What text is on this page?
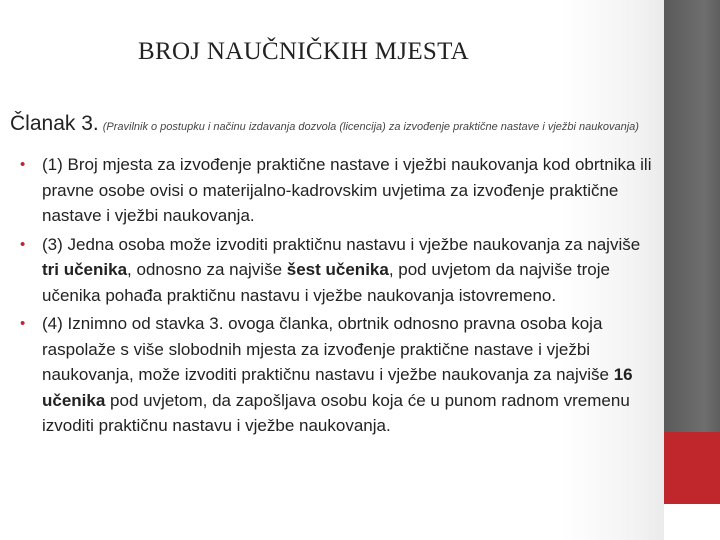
BROJ NAUČNIČKIH MJESTA
Članak 3. (Pravilnik o postupku i načinu izdavanja dozvola (licencija) za izvođenje praktične nastave i vježbi naukovanja)
• (1) Broj mjesta za izvođenje praktične nastave i vježbi naukovanja kod obrtnika ili pravne osobe ovisi o materijalno-kadrovskim uvjetima za izvođenje praktične nastave i vježbi naukovanja.
• (3) Jedna osoba može izvoditi praktičnu nastavu i vježbe naukovanja za najviše tri učenika, odnosno za najviše šest učenika, pod uvjetom da najviše troje učenika pohađa praktičnu nastavu i vježbe naukovanja istovremeno.
• (4) Iznimno od stavka 3. ovoga članka, obrtnik odnosno pravna osoba koja raspolaže s više slobodnih mjesta za izvođenje praktične nastave i vježbi naukovanja, može izvoditi praktičnu nastavu i vježbe naukovanja za najviše 16 učenika pod uvjetom, da zapošljava osobu koja će u punom radnom vremenu izvoditi praktičnu nastavu i vježbe naukovanja.
